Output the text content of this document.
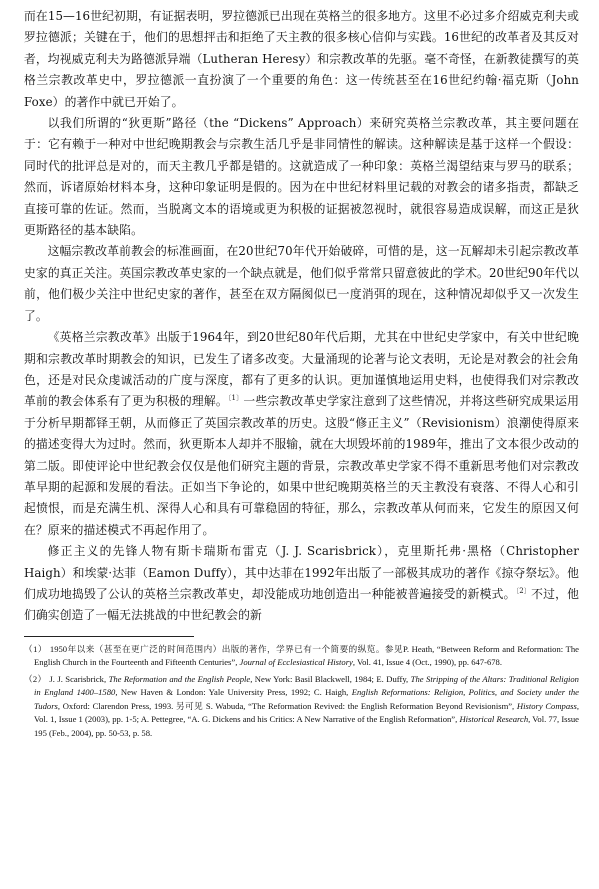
而在15—16世纪初期，有证据表明，罗拉德派已出现在英格兰的很多地方。这里不必过多介绍威克利夫或罗拉德派；关键在于，他们的思想抨击和拒绝了天主教的很多核心信仰与实践。16世纪的改革者及其反对者，均视威克利夫为路德派异端（Lutheran Heresy）和宗教改革的先驱。毫不奇怪，在新教徒撰写的英格兰宗教改革史中，罗拉德派一直扮演了一个重要的角色：这一传统甚至在16世纪约翰·福克斯（John Foxe）的著作中就已开始了。

以我们所谓的“狄更斯”路径（the “Dickens” Approach）来研究英格兰宗教改革，其主要问题在于：它有赖于一种对中世纪晚期教会与宗教生活几乎是非同情性的解读。这种解读是基于这样一个假设：同时代的批评总是对的，而天主教几乎都是错的。这就造成了一种印象：英格兰渴望结束与罗马的联系；然而，诉诸原始材料本身，这种印象证明是假的。因为在中世纪材料里记载的对教会的诸多指责，都缺乏直接可靠的佐证。然而，当脱离文本的语境或更为积极的证据被忽视时，就很容易造成误解，而这正是狄更斯路径的基本缺陷。

这幅宗教改革前教会的标准画面，在20世纪70年代开始破碎，可惜的是，这一瓦解却未引起宗教改革史家的真正关注。英国宗教改革史家的一个缺点就是，他们似乎常常只留意彼此的学术。20世纪90年代以前，他们极少关注中世纪史家的著作，甚至在双方隔阂似已一度消弭的现在，这种情况却似乎又一次发生了。

《英格兰宗教改革》出版于1964年，到20世纪80年代后期，尤其在中世纪史学家中，有关中世纪晚期和宗教改革时期教会的知识，已发生了诸多改变。大量涌现的论著与论文表明，无论是对教会的社会角色，还是对民众虔诚活动的广度与深度，都有了更多的认识。更加谨慎地运用史料，也使得我们对宗教改革前的教会体系有了更为积极的理解。$^{〔1〕}$一些宗教改革史学家注意到了这些情况，并将这些研究成果运用于分析早期都铎王朝，从而修正了英国宗教改革的历史。这股“修正主义”（Revisionism）浪潮使得原来的描述变得大为过时。然而，狄更斯本人却并不服输，就在大坝毁坏前的1989年，推出了文本很少改动的第二版。即使评论中世纪教会仅仅是他们研究主题的背景，宗教改革史学家不得不重新思考他们对宗教改革早期的起源和发展的看法。正如当下争论的，如果中世纪晚期英格兰的天主教没有衰落、不得人心和引起愤恨，而是充满生机、深得人心和具有可靠稳固的特征，那么，宗教改革从何而来，它发生的原因又何在？原来的描述模式不再起作用了。

修正主义的先锋人物有斯卡瑞斯布雷克（J. J. Scarisbrick），克里斯托弗·黑格（Christopher Haigh）和埃蒙·达菲（Eamon Duffy），其中达菲在1992年出版了一部极其成功的著作《掠夺祭坛》。他们成功地捣毁了公认的英格兰宗教改革史，却没能成功地创造出一种能被普遍接受的新模式。$^{〔2〕}$不过，他们确实创造了一幅无法挑战的中世纪教会的新

（1） 1950年以来（甚至在更广泛的时间范围内）出版的著作，学界已有一个简要的纵览。参见P. Heath, “Between Reform and Reformation: The English Church in the Fourteenth and Fifteenth Centuries”, Journal of Ecclesiastical History, Vol. 41, Issue 4 (Oct., 1990), pp. 647-678.

（2） J. J. Scarisbrick, The Reformation and the English People, New York: Basil Blackwell, 1984; E. Duffy, The Stripping of the Altars: Traditional Religion in England 1400–1580, New Haven & London: Yale University Press, 1992; C. Haigh, English Reformations: Religion, Politics, and Society under the Tudors, Oxford: Clarendon Press, 1993. 另可见 S. Wabuda, “The Reformation Revived: the English Reformation Beyond Revisionism”, History Compass, Vol. 1, Issue 1 (2003), pp. 1-5; A. Pettegree, “A. G. Dickens and his Critics: A New Narrative of the English Reformation”, Historical Research, Vol. 77, Issue 195 (Feb., 2004), pp. 50-53, p. 58.
